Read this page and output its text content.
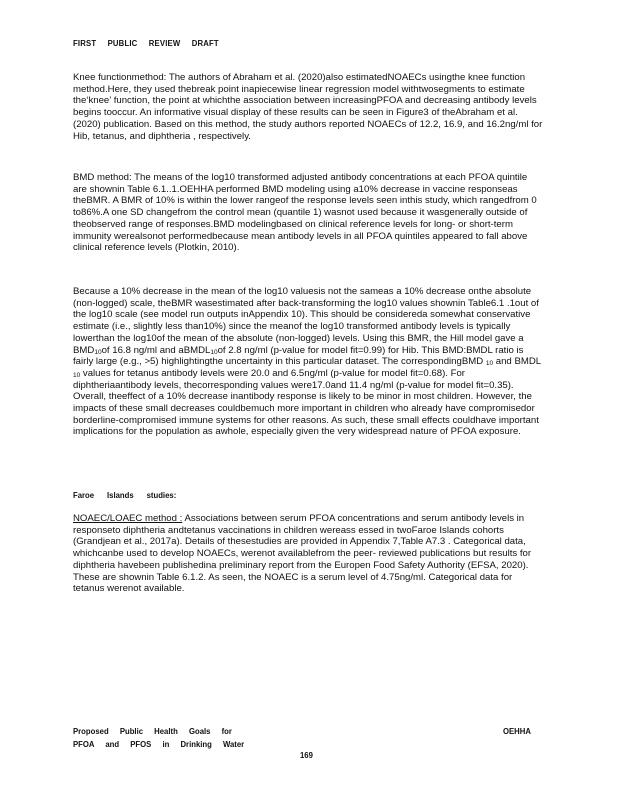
FIRST PUBLIC REVIEW DRAFT
Knee functionmethod: The authors of Abraham et al. (2020)also estimatedNOAECs usingthe knee function method.Here, they used thebreak point inapiecewise linear regression model withtwosegments to estimate the‘knee’ function, the point at whichthe association between increasingPFOA and decreasing antibody levels begins tooccur. An informative visual display of these results can be seen in Figure3 of theAbraham et al. (2020) publication. Based on this method, the study authors reported NOAECs of 12.2, 16.9, and 16.2ng/ml for Hib, tetanus, and diphtheria , respectively.
BMD method: The means of the log10 transformed adjusted antibody concentrations at each PFOA quintile are shownin Table 6.1..1.OEHHA performed BMD modeling using a10% decrease in vaccine responseas theBMR. A BMR of 10% is within the lower rangeof the response levels seen inthis study, which rangedfrom 0 to86%.A one SD changefrom the control mean (quantile 1) wasnot used because it wasgenerally outside of theobserved range of responses.BMD modelingbased on clinical reference levels for long- or short-term immunity werealsonot performedbecause mean antibody levels in all PFOA quintiles appeared to fall above clinical reference levels (Plotkin, 2010).
Because a 10% decrease in the mean of the log10 valuesis not the sameas a 10% decrease onthe absolute (non-logged) scale, theBMR wasestimated after back-transforming the log10 values shownin Table6.1 .1out of the log10 scale (see model run outputs inAppendix 10). This should be considereda somewhat conservative estimate (i.e., slightly less than10%) since the meanof the log10 transformed antibody levels is typically lowerthan the log10of the mean of the absolute (non-logged) levels. Using this BMR, the Hill model gave a $BMD_{10}of$ 16.8 ng/ml and aBMDL$_{10}$of 2.8 ng/ml (p-value for model fit=0.99) for Hib. This BMD:BMDL ratio is fairly large (e.g., >5) highlightingthe uncertainty in this particular dataset. The correspondingBMD $_{10}$ and BMDL $_{10}$ values for tetanus antibody levels were 20.0 and 6.5ng/ml (p-value for model fit=0.68). For diphtheriaantibody levels, thecorresponding values were17.0and 11.4 ng/ml (p-value for model fit=0.35). Overall, theeffect of a 10% decrease inantibody response is likely to be minor in most children. However, the impacts of these small decreases couldbemuch more important in children who already have compromisedor borderline-compromised immune systems for other reasons. As such, these small effects couldhave important implications for the population as awhole, especially given the very widespread nature of PFOA exposure.
Faroe Islands studies:
NOAEC/LOAEC method : Associations between serum PFOA concentrations and serum antibody levels in responseto diphtheria andtetanus vaccinations in children wereass essed in twoFaroe Islands cohorts (Grandjean et al., 2017a). Details of thesestudies are provided in Appendix 7,Table A7.3 . Categorical data, whichcanbe used to develop NOAECs, werenot availablefrom the peer- reviewed publications but results for diphtheria havebeen publishedina preliminary report from the Europen Food Safety Authority (EFSA, 2020). These are shownin Table 6.1.2. As seen, the NOAEC is a serum level of 4.75ng/ml. Categorical data for tetanus werenot available.
Proposed Public Health Goals for
PFOA and PFOS in Drinking Water
OEHHA
169
